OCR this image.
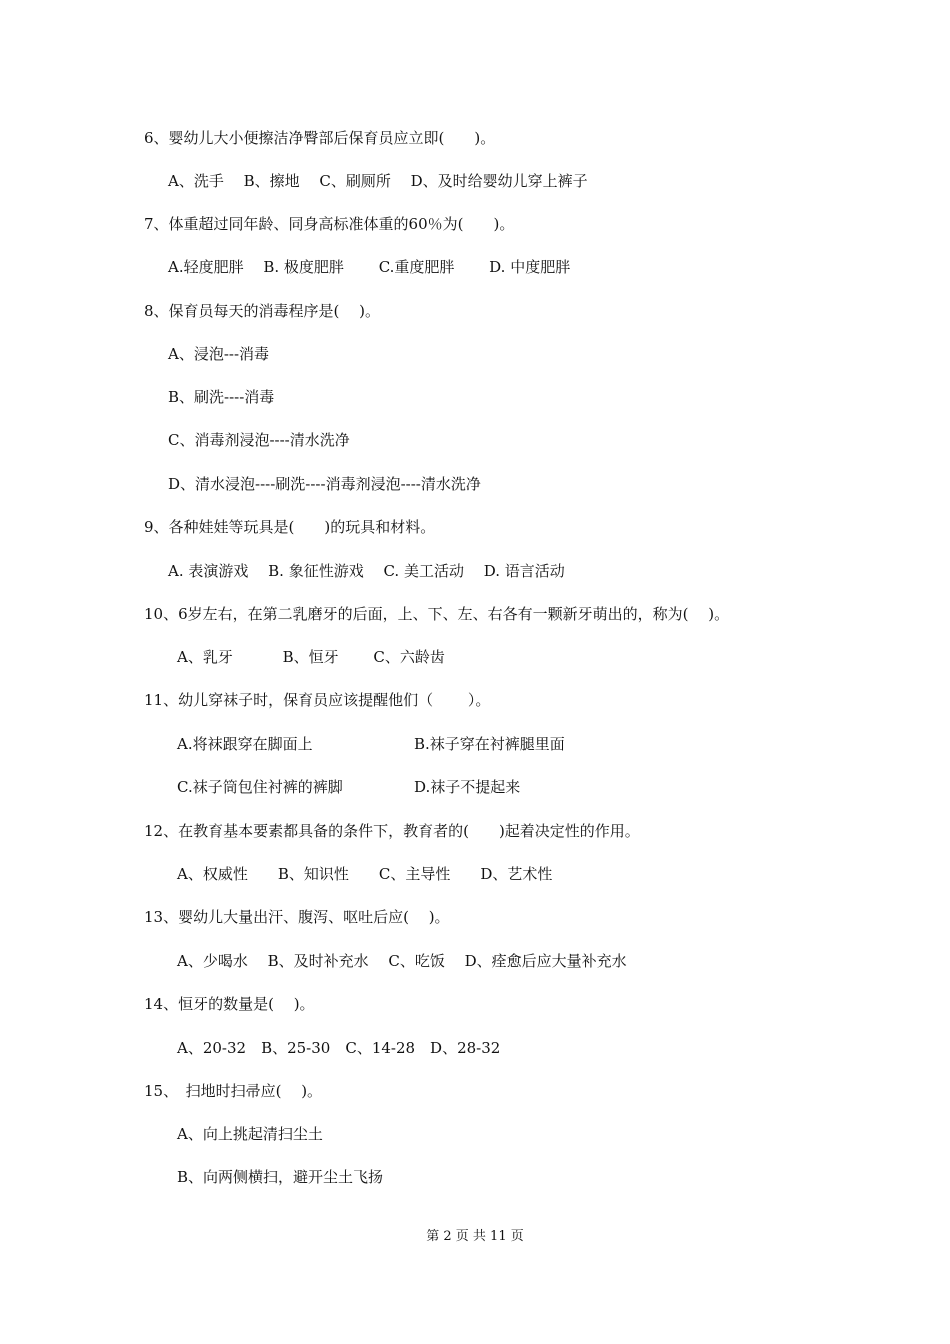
6、婴幼儿大小便擦洁净臀部后保育员应立即(　　)。
A、洗手　 B、擦地　 C、刷厕所　 D、及时给婴幼儿穿上裤子
7、体重超过同年龄、同身高标准体重的60％为(　　)。
A.轻度肥胖　 B. 极度肥胖　　 C.重度肥胖　　 D. 中度肥胖
8、保育员每天的消毒程序是(　 )。
A、浸泡---消毒
B、刷洗----消毒
C、消毒剂浸泡----清水洗净
D、清水浸泡----刷洗----消毒剂浸泡----清水洗净
9、各种娃娃等玩具是(　　)的玩具和材料。
A. 表演游戏　 B. 象征性游戏　 C. 美工活动　 D. 语言活动
10、6岁左右，在第二乳磨牙的后面，上、下、左、右各有一颗新牙萌出的，称为(　 )。
A、乳牙　　　 B、恒牙　　 C、六龄齿
11、幼儿穿袜子时，保育员应该提醒他们（　　 ）。
A.将袜跟穿在脚面上	B.袜子穿在衬裤腿里面
C.袜子筒包住衬裤的裤脚	D.袜子不提起来
12、在教育基本要素都具备的条件下，教育者的(　　)起着决定性的作用。
A、权威性　　B、知识性　　C、主导性　　D、艺术性
13、婴幼儿大量出汗、腹泻、呕吐后应(　 )。
A、少喝水　 B、及时补充水　 C、吃饭　 D、痊愈后应大量补充水
14、恒牙的数量是(　 )。
A、20-32　B、25-30　C、14-28　D、28-32
15、　扫地时扫帚应(　 )。
A、向上挑起清扫尘土
B、向两侧横扫，避开尘土飞扬
第 2 页 共 11 页
